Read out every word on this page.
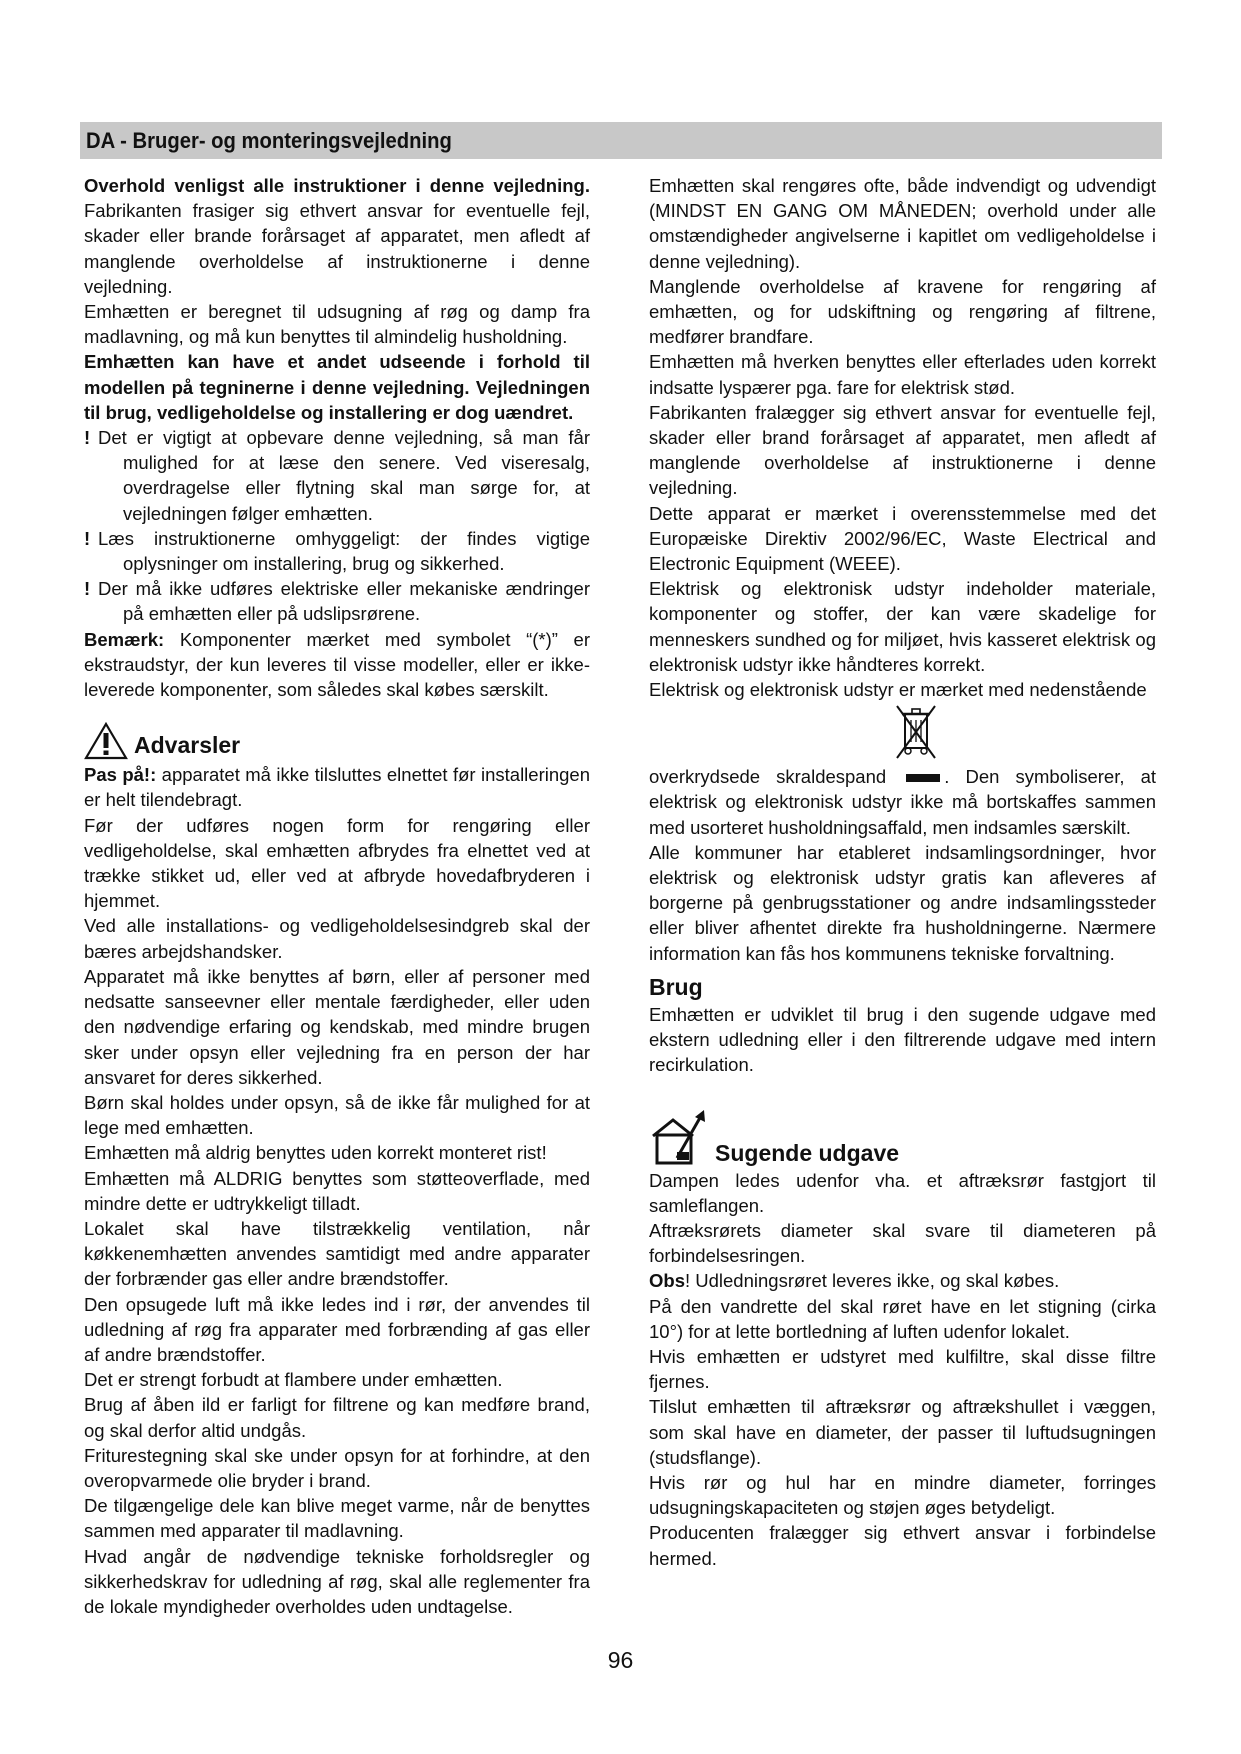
DA - Bruger- og monteringsvejledning

Overhold venligst alle instruktioner i denne vejledning. Fabrikanten frasiger sig ethvert ansvar for eventuelle fejl, skader eller brande forårsaget af apparatet, men afledt af manglende overholdelse af instruktionerne i denne vejledning.

Emhætten er beregnet til udsugning af røg og damp fra madlavning, og må kun benyttes til almindelig husholdning.

Emhætten kan have et andet udseende i forhold til modellen på tegninerne i denne vejledning. Vejledningen til brug, vedligeholdelse og installering er dog uændret.

! Det er vigtigt at opbevare denne vejledning, så man får mulighed for at læse den senere. Ved viseresalg, overdragelse eller flytning skal man sørge for, at vejledningen følger emhætten.

! Læs instruktionerne omhyggeligt: der findes vigtige oplysninger om installering, brug og sikkerhed.

! Der må ikke udføres elektriske eller mekaniske ændringer på emhætten eller på udslipsrørene.

Bemærk: Komponenter mærket med symbolet “(*)” er ekstraudstyr, der kun leveres til visse modeller, eller er ikke-leverede komponenter, som således skal købes særskilt.

Advarsler

Pas på!: apparatet må ikke tilsluttes elnettet før installeringen er helt tilendebragt.

Før der udføres nogen form for rengøring eller vedligeholdelse, skal emhætten afbrydes fra elnettet ved at trække stikket ud, eller ved at afbryde hovedafbryderen i hjemmet.

Ved alle installations- og vedligeholdelsesindgreb skal der bæres arbejdshandsker.

Apparatet må ikke benyttes af børn, eller af personer med nedsatte sanseevner eller mentale færdigheder, eller uden den nødvendige erfaring og kendskab, med mindre brugen sker under opsyn eller vejledning fra en person der har ansvaret for deres sikkerhed.

Børn skal holdes under opsyn, så de ikke får mulighed for at lege med emhætten.

Emhætten må aldrig benyttes uden korrekt monteret rist!

Emhætten må ALDRIG benyttes som støtteoverflade, med mindre dette er udtrykkeligt tilladt.

Lokalet skal have tilstrækkelig ventilation, når køkkenemhætten anvendes samtidigt med andre apparater der forbrænder gas eller andre brændstoffer.

Den opsugede luft må ikke ledes ind i rør, der anvendes til udledning af røg fra apparater med forbrænding af gas eller af andre brændstoffer.

Det er strengt forbudt at flambere under emhætten.

Brug af åben ild er farligt for filtrene og kan medføre brand, og skal derfor altid undgås.

Friturestegning skal ske under opsyn for at forhindre, at den overopvarmede olie bryder i brand.

De tilgængelige dele kan blive meget varme, når de benyttes sammen med apparater til madlavning.

Hvad angår de nødvendige tekniske forholdsregler og sikkerhedskrav for udledning af røg, skal alle reglementer fra de lokale myndigheder overholdes uden undtagelse.

Emhætten skal rengøres ofte, både indvendigt og udvendigt (MINDST EN GANG OM MÅNEDEN; overhold under alle omstændigheder angivelserne i kapitlet om vedligeholdelse i denne vejledning).

Manglende overholdelse af kravene for rengøring af emhætten, og for udskiftning og rengøring af filtrene, medfører brandfare.

Emhætten må hverken benyttes eller efterlades uden korrekt indsatte lyspærer pga. fare for elektrisk stød.

Fabrikanten fralægger sig ethvert ansvar for eventuelle fejl, skader eller brand forårsaget af apparatet, men afledt af manglende overholdelse af instruktionerne i denne vejledning.

Dette apparat er mærket i overensstemmelse med det Europæiske Direktiv 2002/96/EC, Waste Electrical and Electronic Equipment (WEEE).

Elektrisk og elektronisk udstyr indeholder materiale, komponenter og stoffer, der kan være skadelige for menneskers sundhed og for miljøet, hvis kasseret elektrisk og elektronisk udstyr ikke håndteres korrekt.

Elektrisk og elektronisk udstyr er mærket med nedenstående

overkrydsede skraldespand	. Den symboliserer, at elektrisk og elektronisk udstyr ikke må bortskaffes sammen med usorteret husholdningsaffald, men indsamles særskilt.

Alle kommuner har etableret indsamlingsordninger, hvor elektrisk og elektronisk udstyr gratis kan afleveres af borgerne på genbrugsstationer og andre indsamlingssteder eller bliver afhentet direkte fra husholdningerne. Nærmere information kan fås hos kommunens tekniske forvaltning.

Brug

Emhætten er udviklet til brug i den sugende udgave med ekstern udledning eller i den filtrerende udgave med intern recirkulation.

Sugende udgave

Dampen ledes udenfor vha. et aftræksrør fastgjort til samleflangen.

Aftræksrørets diameter skal svare til diameteren på forbindelsesringen.

Obs! Udledningsrøret leveres ikke, og skal købes.

På den vandrette del skal røret have en let stigning (cirka 10°) for at lette bortledning af luften udenfor lokalet.

Hvis emhætten er udstyret med kulfiltre, skal disse filtre fjernes.

Tilslut emhætten til aftræksrør og aftrækshullet i væggen, som skal have en diameter, der passer til luftudsugningen (studsflange).

Hvis rør og hul har en mindre diameter, forringes udsugningskapaciteten og støjen øges betydeligt.

Producenten fralægger sig ethvert ansvar i forbindelse hermed.

96
